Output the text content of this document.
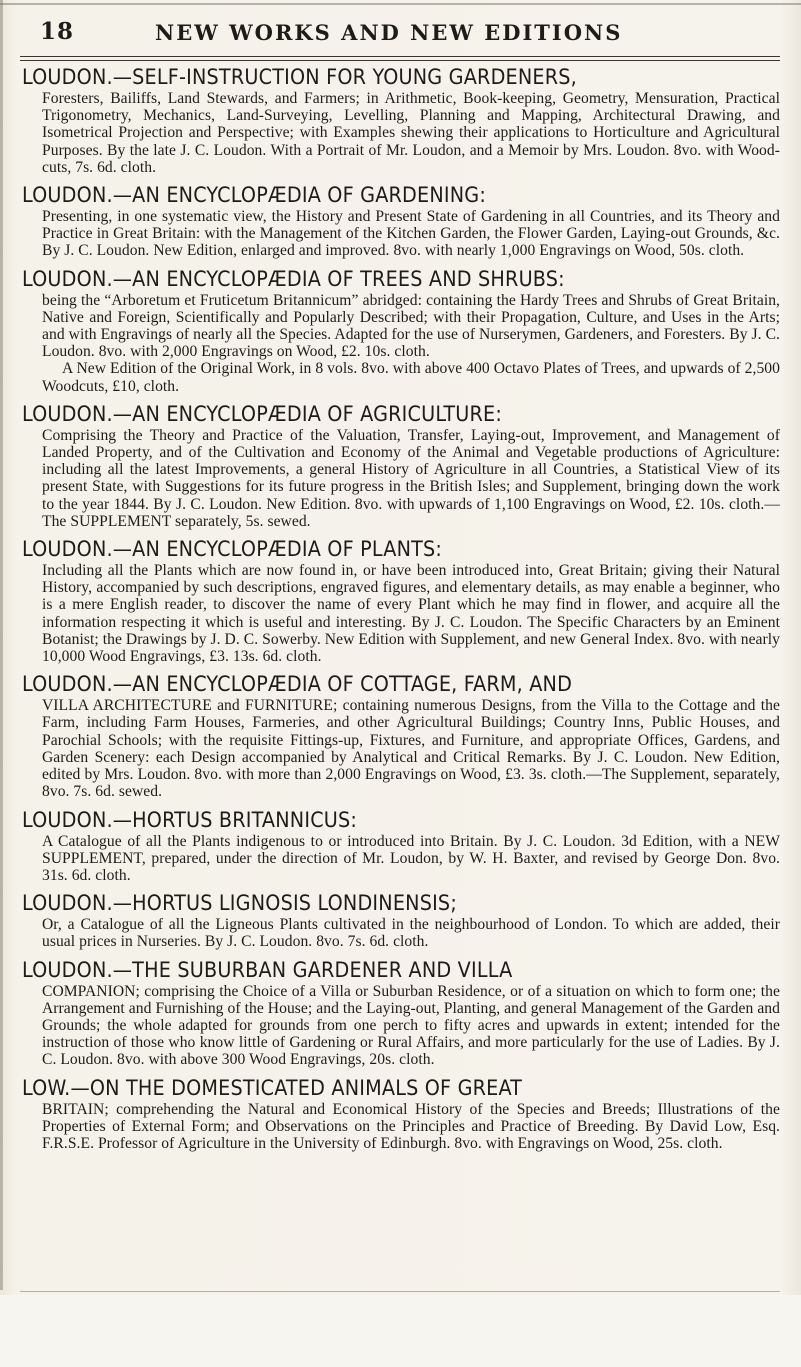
18	NEW WORKS AND NEW EDITIONS
LOUDON.—SELF-INSTRUCTION FOR YOUNG GARDENERS,
Foresters, Bailiffs, Land Stewards, and Farmers; in Arithmetic, Book-keeping, Geometry, Mensuration, Practical Trigonometry, Mechanics, Land-Surveying, Levelling, Planning and Mapping, Architectural Drawing, and Isometrical Projection and Perspective; with Examples shewing their applications to Horticulture and Agricultural Purposes. By the late J. C. Loudon. With a Portrait of Mr. Loudon, and a Memoir by Mrs. Loudon. 8vo. with Wood-cuts, 7s. 6d. cloth.
LOUDON.—AN ENCYCLOPÆDIA OF GARDENING:
Presenting, in one systematic view, the History and Present State of Gardening in all Countries, and its Theory and Practice in Great Britain: with the Management of the Kitchen Garden, the Flower Garden, Laying-out Grounds, &c. By J. C. Loudon. New Edition, enlarged and improved. 8vo. with nearly 1,000 Engravings on Wood, 50s. cloth.
LOUDON.—AN ENCYCLOPÆDIA OF TREES AND SHRUBS:
being the “Arboretum et Fruticetum Britannicum” abridged: containing the Hardy Trees and Shrubs of Great Britain, Native and Foreign, Scientifically and Popularly Described; with their Propagation, Culture, and Uses in the Arts; and with Engravings of nearly all the Species. Adapted for the use of Nurserymen, Gardeners, and Foresters. By J. C. Loudon. 8vo. with 2,000 Engravings on Wood, £2. 10s. cloth.
A New Edition of the Original Work, in 8 vols. 8vo. with above 400 Octavo Plates of Trees, and upwards of 2,500 Woodcuts, £10, cloth.
LOUDON.—AN ENCYCLOPÆDIA OF AGRICULTURE:
Comprising the Theory and Practice of the Valuation, Transfer, Laying-out, Improvement, and Management of Landed Property, and of the Cultivation and Economy of the Animal and Vegetable productions of Agriculture: including all the latest Improvements, a general History of Agriculture in all Countries, a Statistical View of its present State, with Suggestions for its future progress in the British Isles; and Supplement, bringing down the work to the year 1844. By J. C. Loudon. New Edition. 8vo. with upwards of 1,100 Engravings on Wood, £2. 10s. cloth.—The SUPPLEMENT separately, 5s. sewed.
LOUDON.—AN ENCYCLOPÆDIA OF PLANTS:
Including all the Plants which are now found in, or have been introduced into, Great Britain; giving their Natural History, accompanied by such descriptions, engraved figures, and elementary details, as may enable a beginner, who is a mere English reader, to discover the name of every Plant which he may find in flower, and acquire all the information respecting it which is useful and interesting. By J. C. Loudon. The Specific Characters by an Eminent Botanist; the Drawings by J. D. C. Sowerby. New Edition with Supplement, and new General Index. 8vo. with nearly 10,000 Wood Engravings, £3. 13s. 6d. cloth.
LOUDON.—AN ENCYCLOPÆDIA OF COTTAGE, FARM, AND
VILLA ARCHITECTURE and FURNITURE; containing numerous Designs, from the Villa to the Cottage and the Farm, including Farm Houses, Farmeries, and other Agricultural Buildings; Country Inns, Public Houses, and Parochial Schools; with the requisite Fittings-up, Fixtures, and Furniture, and appropriate Offices, Gardens, and Garden Scenery: each Design accompanied by Analytical and Critical Remarks. By J. C. Loudon. New Edition, edited by Mrs. Loudon. 8vo. with more than 2,000 Engravings on Wood, £3. 3s. cloth.—The Supplement, separately, 8vo. 7s. 6d. sewed.
LOUDON.—HORTUS BRITANNICUS:
A Catalogue of all the Plants indigenous to or introduced into Britain. By J. C. Loudon. 3d Edition, with a NEW SUPPLEMENT, prepared, under the direction of Mr. Loudon, by W. H. Baxter, and revised by George Don. 8vo. 31s. 6d. cloth.
LOUDON.—HORTUS LIGNOSIS LONDINENSIS;
Or, a Catalogue of all the Ligneous Plants cultivated in the neighbourhood of London. To which are added, their usual prices in Nurseries. By J. C. Loudon. 8vo. 7s. 6d. cloth.
LOUDON.—THE SUBURBAN GARDENER AND VILLA
COMPANION; comprising the Choice of a Villa or Suburban Residence, or of a situation on which to form one; the Arrangement and Furnishing of the House; and the Laying-out, Planting, and general Management of the Garden and Grounds; the whole adapted for grounds from one perch to fifty acres and upwards in extent; intended for the instruction of those who know little of Gardening or Rural Affairs, and more particularly for the use of Ladies. By J. C. Loudon. 8vo. with above 300 Wood Engravings, 20s. cloth.
LOW.—ON THE DOMESTICATED ANIMALS OF GREAT
BRITAIN; comprehending the Natural and Economical History of the Species and Breeds; Illustrations of the Properties of External Form; and Observations on the Principles and Practice of Breeding. By David Low, Esq. F.R.S.E. Professor of Agriculture in the University of Edinburgh. 8vo. with Engravings on Wood, 25s. cloth.
